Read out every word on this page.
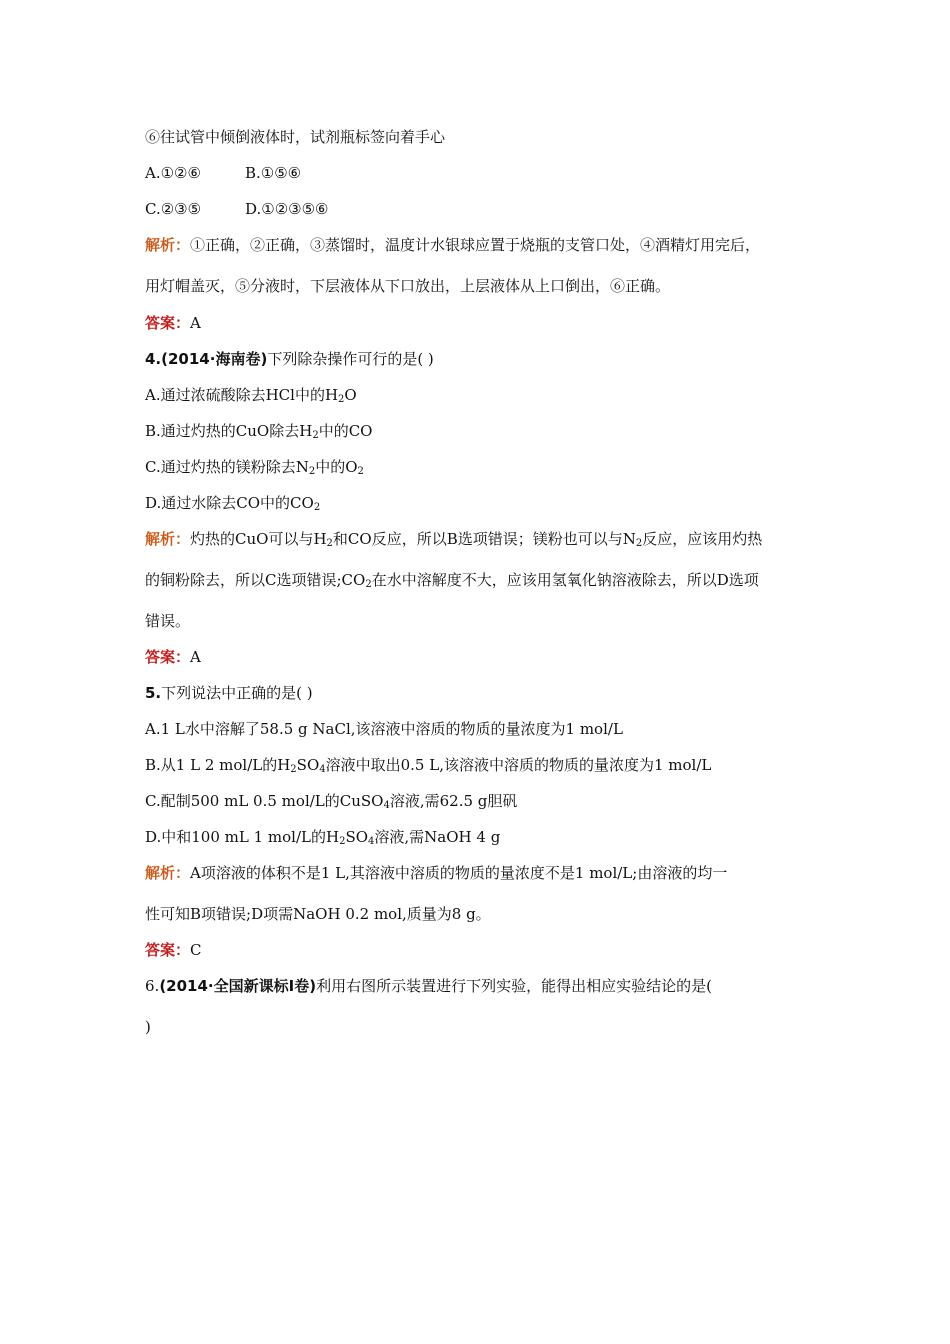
⑥往试管中倾倒液体时，试剂瓶标签向着手心
A.①②⑥	B.①⑤⑥
C.②③⑤	D.①②③⑤⑥
解析：①正确，②正确，③蒸馏时，温度计水银球应置于烧瓶的支管口处，④酒精灯用完后，
用灯帽盖灭，⑤分液时，下层液体从下口放出，上层液体从上口倒出，⑥正确。
答案：A
4.(2014·海南卷)下列除杂操作可行的是( )
A.通过浓硫酸除去HCl中的$H_2O$
B.通过灼热的CuO除去$H_2$中的CO
C.通过灼热的镁粉除去$N_2$中的$O_2$
D.通过水除去CO中的$CO_2$
解析：灼热的CuO可以与$H_2$和CO反应，所以B选项错误；镁粉也可以与$N_2$反应，应该用灼热
的铜粉除去，所以C选项错误$;CO_2$在水中溶解度不大，应该用氢氧化钠溶液除去，所以D选项
错误。
答案：A
5.下列说法中正确的是( )
A.1 L水中溶解了58.5 g NaCl,该溶液中溶质的物质的量浓度为1 mol/L
B.从1 L 2 mol/L的$H_2SO_4$溶液中取出0.5 L,该溶液中溶质的物质的量浓度为1 mol/L
C.配制500 mL 0.5 mol/L的CuSO$_4$溶液,需62.5 g胆矾
D.中和100 mL 1 mol/L的$H_2SO_4$溶液,需NaOH 4 g
解析：A项溶液的体积不是1 L,其溶液中溶质的物质的量浓度不是1 mol/L;由溶液的均一
性可知B项错误;D项需NaOH 0.2 mol,质量为8 g。
答案：C
6.(2014·全国新课标Ⅰ卷)利用右图所示装置进行下列实验，能得出相应实验结论的是(
)
